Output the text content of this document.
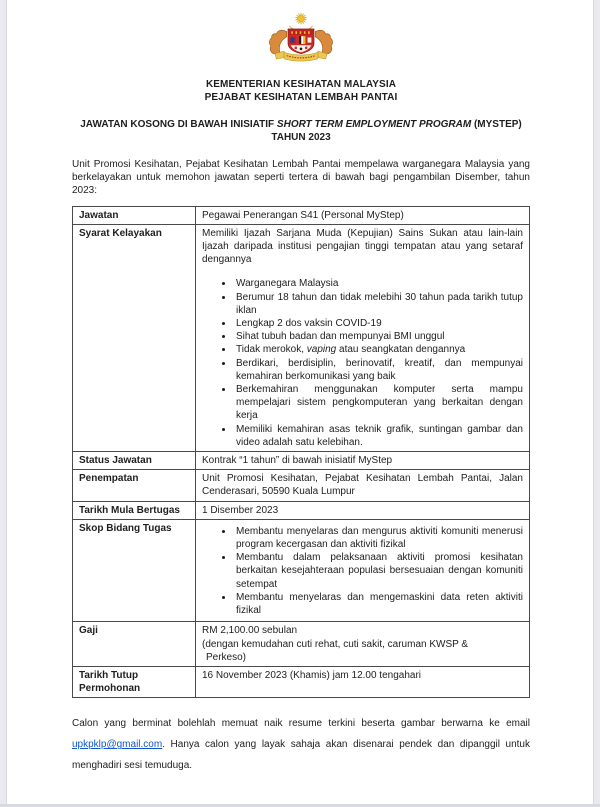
KEMENTERIAN KESIHATAN MALAYSIA
PEJABAT KESIHATAN LEMBAH PANTAI
JAWATAN KOSONG DI BAWAH INISIATIF SHORT TERM EMPLOYMENT PROGRAM (MYSTEP)
TAHUN 2023

Unit Promosi Kesihatan, Pejabat Kesihatan Lembah Pantai mempelawa warganegara Malaysia yang berkelayakan untuk memohon jawatan seperti tertera di bawah bagi pengambilan Disember, tahun 2023:

Jawatan	Pegawai Penerangan S41 (Personal MyStep)
Syarat Kelayakan	Memiliki Ijazah Sarjana Muda (Kepujian) Sains Sukan atau lain-lain Ijazah daripada institusi pengajian tinggi tempatan atau yang setaraf dengannya
• Warganegara Malaysia
• Berumur 18 tahun dan tidak melebihi 30 tahun pada tarikh tutup iklan
• Lengkap 2 dos vaksin COVID-19
• Sihat tubuh badan dan mempunyai BMI unggul
• Tidak merokok, vaping atau seangkatan dengannya
• Berdikari, berdisiplin, berinovatif, kreatif, dan mempunyai kemahiran berkomunikasi yang baik
• Berkemahiran menggunakan komputer serta mampu mempelajari sistem pengkomputeran yang berkaitan dengan kerja
• Memiliki kemahiran asas teknik grafik, suntingan gambar dan video adalah satu kelebihan.

Status Jawatan	Kontrak “1 tahun” di bawah inisiatif MyStep
Penempatan	Unit Promosi Kesihatan, Pejabat Kesihatan Lembah Pantai, Jalan Cenderasari, 50590 Kuala Lumpur
Tarikh Mula Bertugas	1 Disember 2023
Skop Bidang Tugas	
•Membantu menyelaras dan mengurus aktiviti komuniti menerusi program kecergasan dan aktiviti fizikal
• Membantu dalam pelaksanaan aktiviti promosi kesihatan berkaitan kesejahteraan populasi bersesuaian dengan komuniti setempat
• Membantu menyelaras dan mengemaskini data reten aktiviti fizikal

Gaji	RM 2,100.00 sebulan
(dengan kemudahan cuti rehat, cuti sakit, caruman KWSP &
Perkeso)

Tarikh Tutup Permohonan	16 November 2023 (Khamis) jam 12.00 tengahari

Calon yang berminat bolehlah memuat naik resume terkini beserta gambar berwarna ke email upkpklp@gmail.com. Hanya calon yang layak sahaja akan disenarai pendek dan dipanggil untuk menghadiri sesi temuduga.
